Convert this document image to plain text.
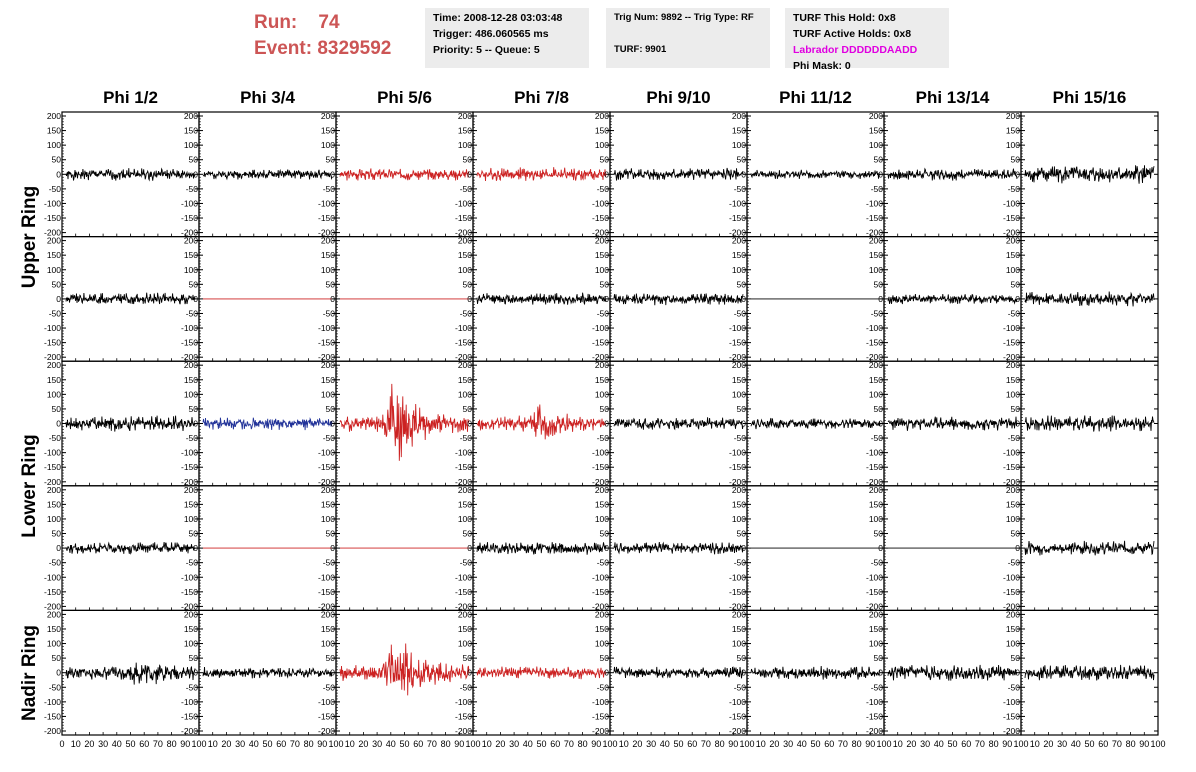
Run: 74
Event: 8329592
Time: 2008-12-28 03:03:48
Trigger: 486.060565 ms
Priority: 5 -- Queue: 5
Trig Num: 9892 -- Trig Type: RF
TURF: 9901
TURF This Hold: 0x8
TURF Active Holds: 0x8
Labrador DDDDDDAADD
Phi Mask: 0
Phi 1/2	Phi 3/4	Phi 5/6	Phi 7/8	Phi 9/10	Phi 11/12	Phi 13/14	Phi 15/16
Upper Ring
Lower Ring
Nadir Ring
200
150
100
50
0
-50
-100
-150
-200
200
150
100
50
0
-50
-100
-150
-200
200
150
100
50
0
-50
-100
-150
-200
200
150
100
50
0
-50
-100
-150
-200
200
150
100
50
0
-50
-100
-150
-200
200
150
100
50
0
-50
-100
-150
-200
200
150
100
50
0
-50
-100
-150
-200
200
150
100
50
0
-50
-100
-150
-200
200
150
100
50
0
-50
-100
-150
-200
200
150
100
50
0
-50
-100
-150
-200
200
150
100
50
0
-50
-100
-150
-200
200
150
100
50
0
-50
-100
-150
-200
200
150
100
50
0
-50
-100
-150
-200
200
150
100
50
0
-50
-100
-150
-200
200
150
100
50
0
-50
-100
-150
-200
200
150
100
50
0
-50
-100
-150
-200
200
150
100
50
0
-50
-100
-150
-200
200
150
100
50
0
-50
-100
-150
-200
200
150
100
50
0
-50
-100
-150
-200
200
150
100
50
0
-50
-100
-150
-200
200
150
100
50
0
-50
-100
-150
-200
200
150
100
50
0
-50
-100
-150
-200
200
150
100
50
0
-50
-100
-150
-200
200
150
100
50
0
-50
-100
-150
-200
200
150
100
50
0
-50
-100
-150
-200
200
150
100
50
0
-50
-100
-150
-200
200
150
100
50
0
-50
-100
-150
-200
200
150
100
50
0
-50
-100
-150
-200
200
150
100
50
0
-50
-100
-150
-200
200
150
100
50
0
-50
-100
-150
-200
200
150
100
50
0
-50
-100
-150
-200
200
150
100
50
0
-50
-100
-150
-200
200
150
100
50
0
-50
-100
-150
-200
200
150
100
50
0
-50
-100
-150
-200
200
150
100
50
0
-50
-100
-150
-200
200
150
100
50
0
-50
-100
-150
-200
200
150
100
50
0
-50
-100
-150
-200
200
150
100
50
0
-50
-100
-150
-200
200
150
100
50
0
-50
-100
-150
-200
200
150
100
50
0
-50
-100
-150
-200
0 10 20 30 40 50 60 70 80 90 100 10 20 30 40 50 60 70 80 90 100 10 20 30 40 50 60 70 80 90 100 10 20 30 40 50 60 70 80 90 100 10 20 30 40 50 60 70 80 90 100 10 20 30 40 50 60 70 80 90 100 10 20 30 40 50 60 70 80 90 100 10 20 30 40 50 60 70 80 90 100
